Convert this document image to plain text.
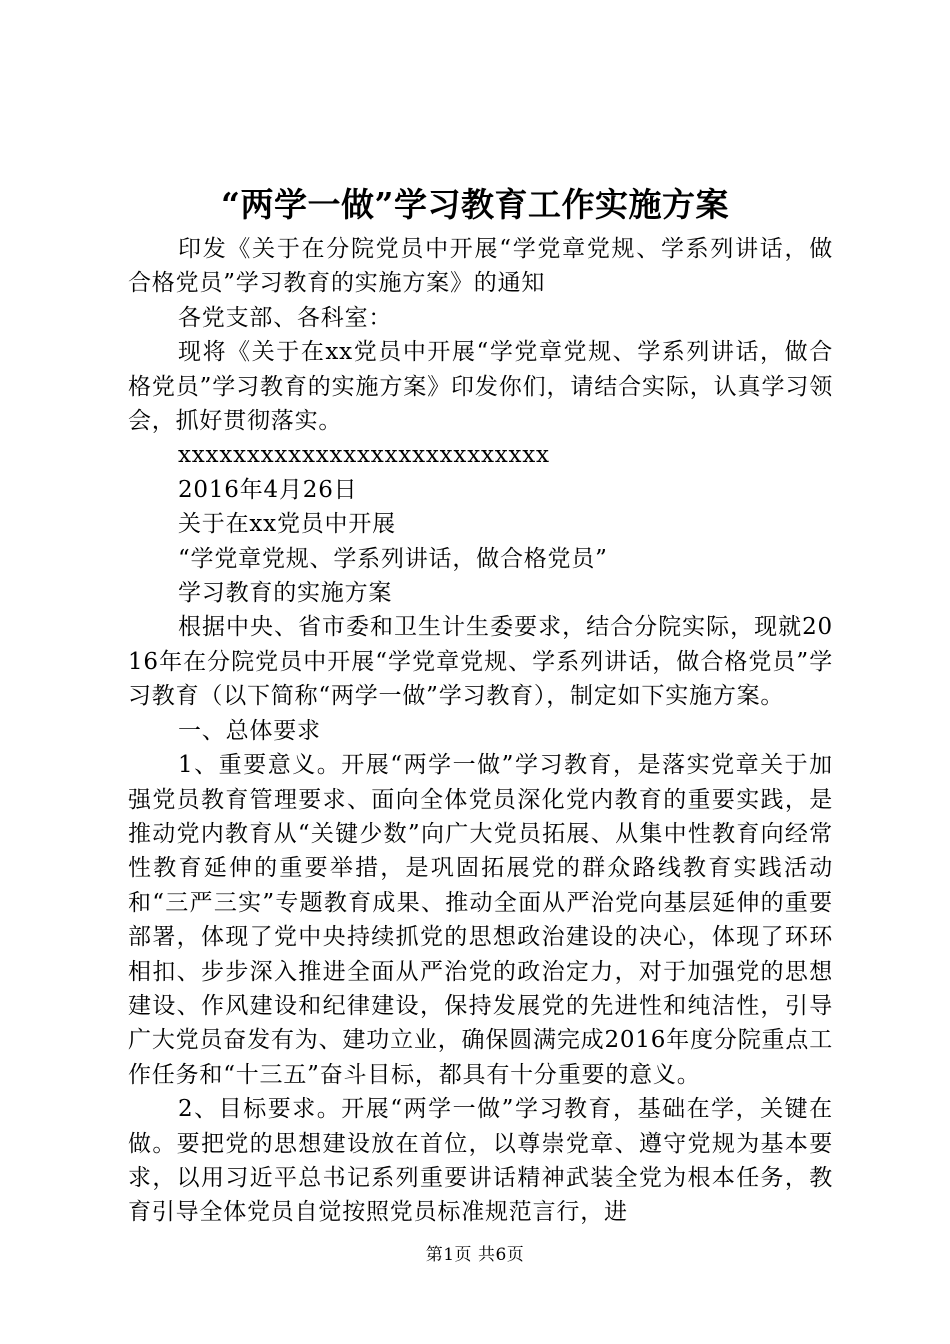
“两学一做”学习教育工作实施方案

印发《关于在分院党员中开展“学党章党规、学系列讲话，做合格党员”学习教育的实施方案》的通知

各党支部、各科室：

现将《关于在xx党员中开展“学党章党规、学系列讲话，做合格党员”学习教育的实施方案》印发你们，请结合实际，认真学习领会，抓好贯彻落实。

xxxxxxxxxxxxxxxxxxxxxxxxxxx

2016年4月26日

关于在xx党员中开展

“学党章党规、学系列讲话，做合格党员”

学习教育的实施方案

根据中央、省市委和卫生计生委要求，结合分院实际，现就2016年在分院党员中开展“学党章党规、学系列讲话，做合格党员”学习教育（以下简称“两学一做”学习教育），制定如下实施方案。

一、总体要求

1、重要意义。开展“两学一做”学习教育，是落实党章关于加强党员教育管理要求、面向全体党员深化党内教育的重要实践，是推动党内教育从“关键少数”向广大党员拓展、从集中性教育向经常性教育延伸的重要举措，是巩固拓展党的群众路线教育实践活动和“三严三实”专题教育成果、推动全面从严治党向基层延伸的重要部署，体现了党中央持续抓党的思想政治建设的决心，体现了环环相扣、步步深入推进全面从严治党的政治定力，对于加强党的思想建设、作风建设和纪律建设，保持发展党的先进性和纯洁性，引导广大党员奋发有为、建功立业，确保圆满完成2016年度分院重点工作任务和“十三五”奋斗目标，都具有十分重要的意义。

2、目标要求。开展“两学一做”学习教育，基础在学，关键在做。要把党的思想建设放在首位，以尊崇党章、遵守党规为基本要求，以用习近平总书记系列重要讲话精神武装全党为根本任务，教育引导全体党员自觉按照党员标准规范言行，进

第1页 共6页
